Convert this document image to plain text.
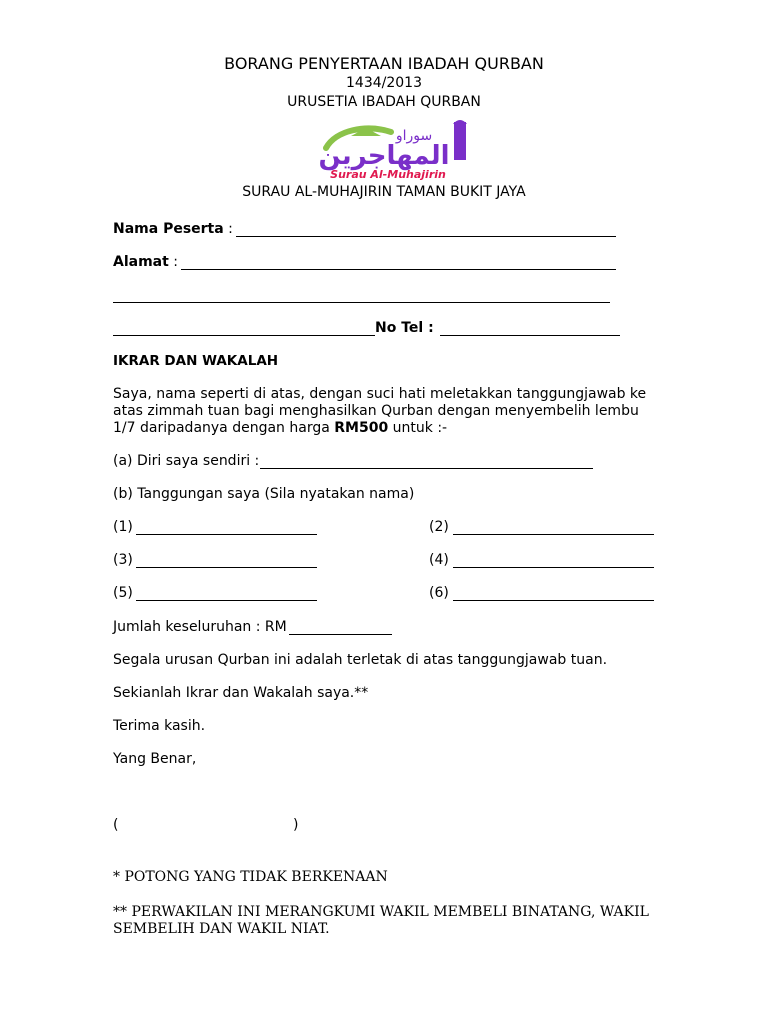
BORANG PENYERTAAN IBADAH QURBAN
1434/2013
URUSETIA IBADAH QURBAN
سوراو
المهاجرين
Surau Al-Muhajirin
SURAU AL-MUHAJIRIN TAMAN BUKIT JAYA
Nama Peserta :
Alamat :
No Tel :
IKRAR DAN WAKALAH
Saya, nama seperti di atas, dengan suci hati meletakkan tanggungjawab ke
atas zimmah tuan bagi menghasilkan Qurban dengan menyembelih lembu
1/7 daripadanya dengan harga RM500 untuk :-
(a) Diri saya sendiri :
(b) Tanggungan saya (Sila nyatakan nama)
(1)	(2)
(3)	(4)
(5)	(6)
Jumlah keseluruhan : RM
Segala urusan Qurban ini adalah terletak di atas tanggungjawab tuan.
Sekianlah Ikrar dan Wakalah saya.**
Terima kasih.
Yang Benar,
(	)
* POTONG YANG TIDAK BERKENAAN
** PERWAKILAN INI MERANGKUMI WAKIL MEMBELI BINATANG, WAKIL
SEMBELIH DAN WAKIL NIAT.
